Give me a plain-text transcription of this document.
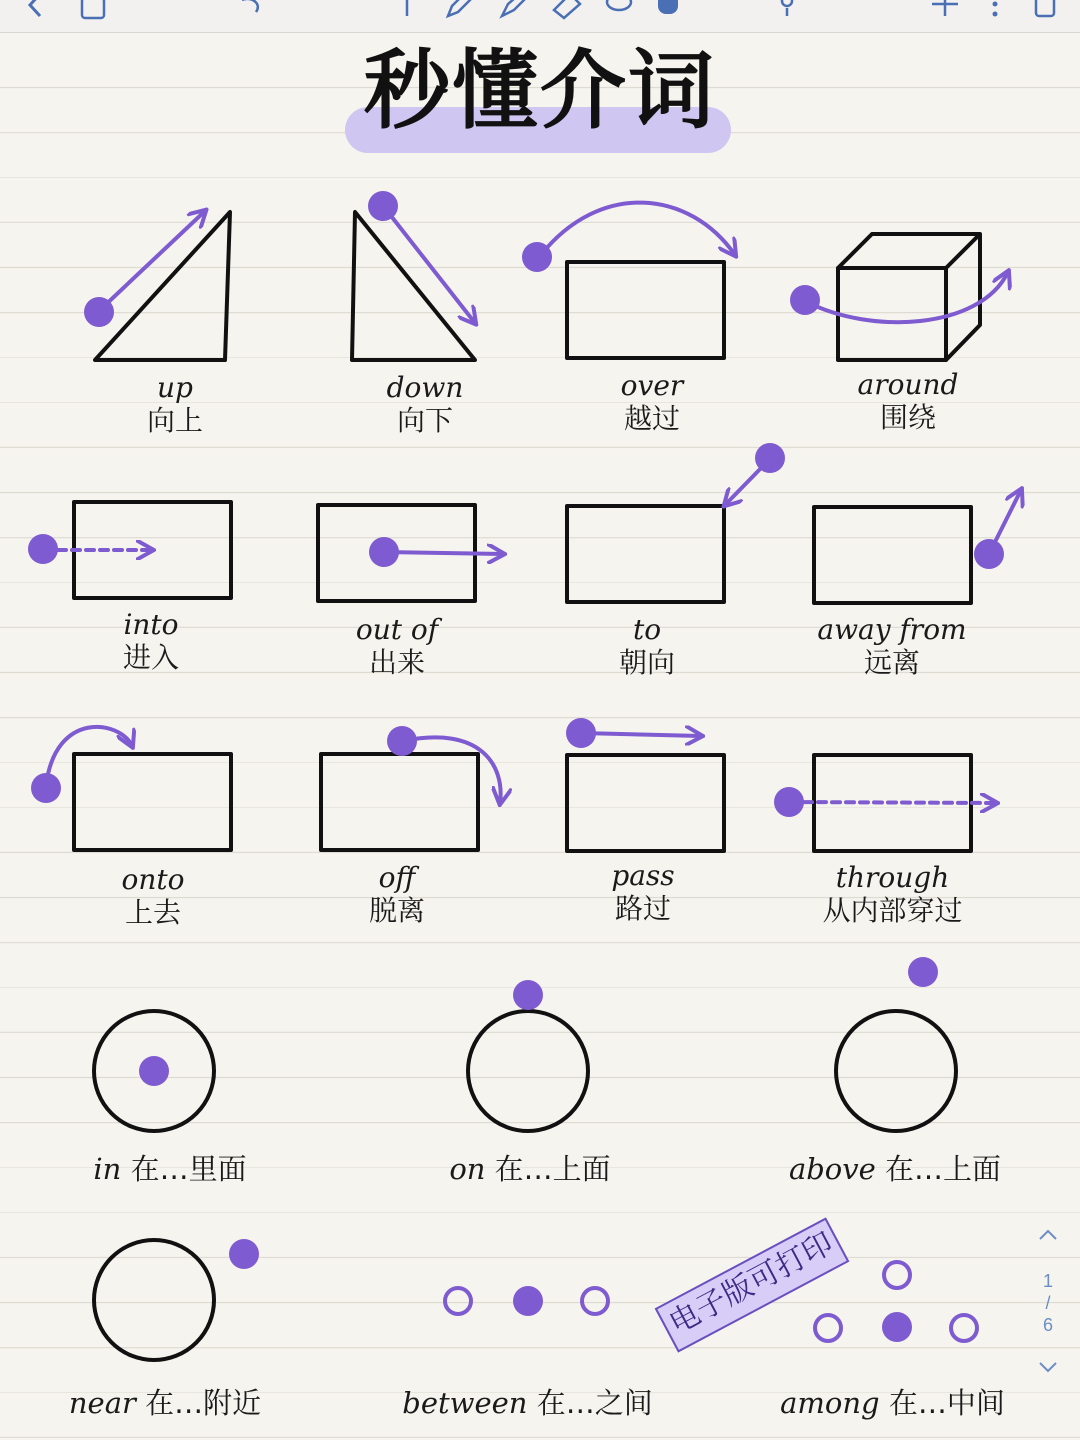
秒懂介词
up
向上
down
向下
over
越过
around
围绕
into
进入
out of
出来
to
朝向
away from
远离
onto
上去
off
脱离
pass
路过
through
从内部穿过
in 在…里面	on 在…上面	above 在…上面
near 在…附近	between 在…之间	among 在…中间
电子版可打印	1
/
6
